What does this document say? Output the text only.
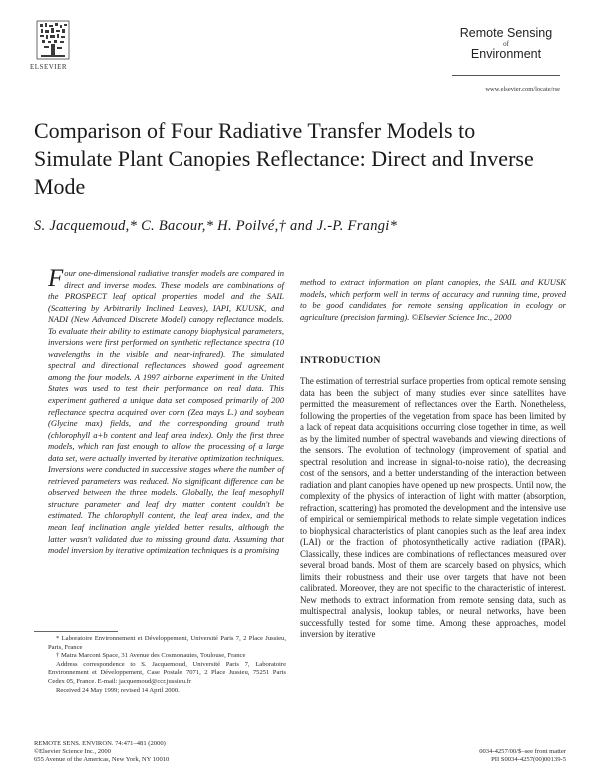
ELSEVIER
Remote Sensing
of
Environment
www.elsevier.com/locate/rse
Comparison of Four Radiative Transfer Models to Simulate Plant Canopies Reflectance: Direct and Inverse Mode
S. Jacquemoud,* C. Bacour,* H. Poilvé,† and J.-P. Frangi*
Four one-dimensional radiative transfer models are compared in direct and inverse modes. These models are combinations of the PROSPECT leaf optical properties model and the SAIL (Scattering by Arbitrarily Inclined Leaves), IAPI, KUUSK, and NADI (New Advanced Discrete Model) canopy reflectance models. To evaluate their ability to estimate canopy biophysical parameters, inversions were first performed on synthetic reflectance spectra (10 wavelengths in the visible and near-infrared). The simulated spectral and directional reflectances showed good agreement among the four models. A 1997 airborne experiment in the United States was used to test their performance on real data. This experiment gathered a unique data set composed primarily of 200 reflectance spectra acquired over corn (Zea mays L.) and soybean (Glycine max) fields, and the corresponding ground truth (chlorophyll a+b content and leaf area index). Only the first three models, which ran fast enough to allow the processing of a large data set, were actually inverted by iterative optimization techniques. Inversions were conducted in successive stages where the number of retrieved parameters was reduced. No significant difference can be observed between the three models. Globally, the leaf mesophyll structure parameter and leaf dry matter content couldn't be estimated. The chlorophyll content, the leaf area index, and the mean leaf inclination angle yielded better results, although the latter wasn't validated due to missing ground data. Assuming that model inversion by iterative optimization techniques is a promising

* Laboratoire Environnement et Développement, Université Paris 7, 2 Place Jussieu, Paris, France

† Matra Marconi Space, 31 Avenue des Cosmonautes, Toulouse, France

Address correspondence to S. Jacquemoud, Université Paris 7, Laboratoire Environnement et Développement, Case Postale 7071, 2 Place Jussieu, 75251 Paris Cedex 05, France. E-mail: jacquemoud@ccr.jussieu.fr

Received 24 May 1999; revised 14 April 2000.

REMOTE SENS. ENVIRON. 74:471–481 (2000)
©Elsevier Science Inc., 2000
655 Avenue of the Americas, New York, NY 10010
0034-4257/00/$–see front matter
PII S0034-4257(00)00139-5
method to extract information on plant canopies, the SAIL and KUUSK models, which perform well in terms of accuracy and running time, proved to be good candidates for remote sensing application in ecology or agriculture (precision farming). ©Elsevier Science Inc., 2000
INTRODUCTION
The estimation of terrestrial surface properties from optical remote sensing data has been the subject of many studies ever since satellites have permitted the measurement of reflectances over the Earth. Nonetheless, following the properties of the vegetation from space has been limited by a lack of repeat data acquisitions occurring close together in time, as well as by the limited number of spectral wavebands and viewing directions of the sensors. The evolution of technology (improvement of spatial and spectral resolution and increase in signal-to-noise ratio), the decreasing cost of the sensors, and a better understanding of the interaction between radiation and plant canopies have opened up new prospects. Until now, the complexity of the physics of interaction of light with matter (absorption, refraction, scattering) has promoted the development and the intensive use of empirical or semiempirical methods to relate simple vegetation indices to biophysical characteristics of plant canopies such as the leaf area index (LAI) or the fraction of photosynthetically active radiation (fPAR). Classically, these indices are combinations of reflectances measured over several broad bands. Most of them are scarcely based on physics, which limits their robustness and their use over targets that have not been calibrated. Moreover, they are not specific to the characteristic of interest. New methods to extract information from remote sensing data, such as multispectral analysis, lookup tables, or neural networks, have been successfully tested for some time. Among these approaches, model inversion by iterative
